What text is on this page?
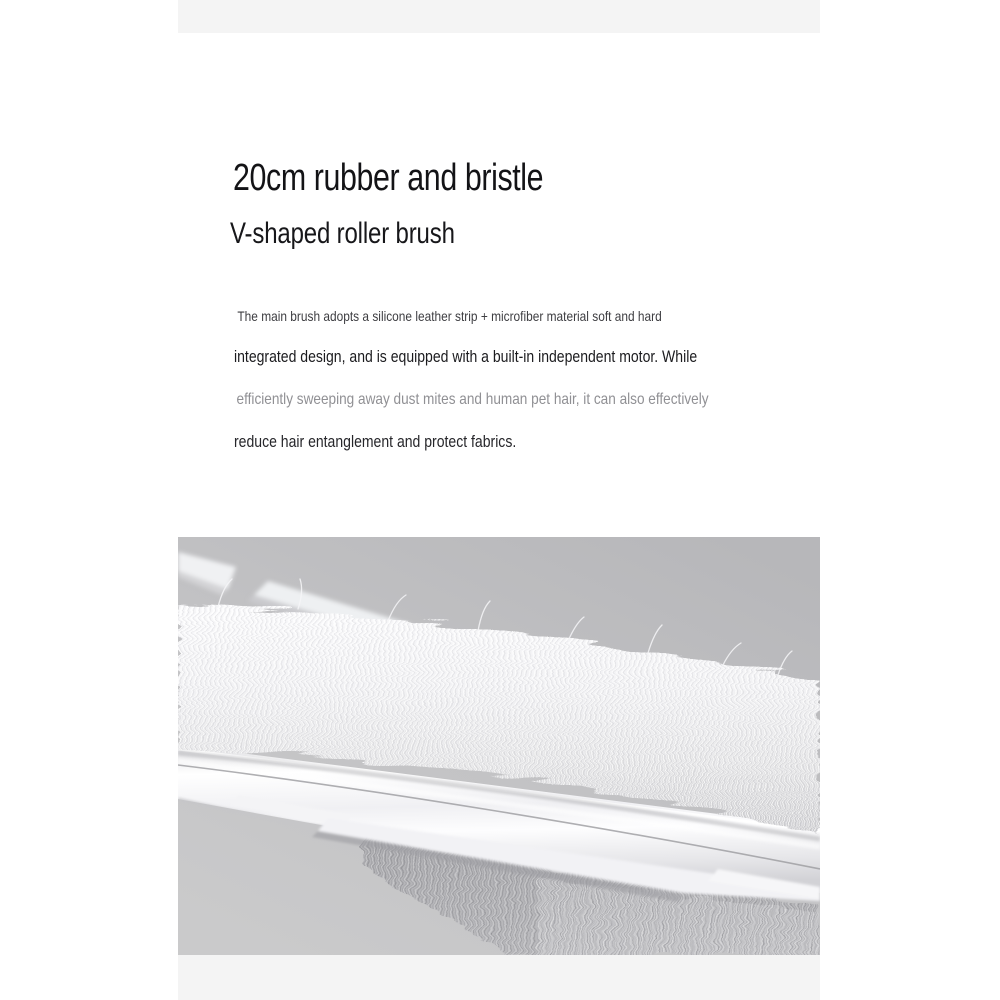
20cm rubber and bristle
V-shaped roller brush
The main brush adopts a silicone leather strip + microfiber material soft and hard
integrated design, and is equipped with a built-in independent motor. While
efficiently sweeping away dust mites and human pet hair, it can also effectively
reduce hair entanglement and protect fabrics.
